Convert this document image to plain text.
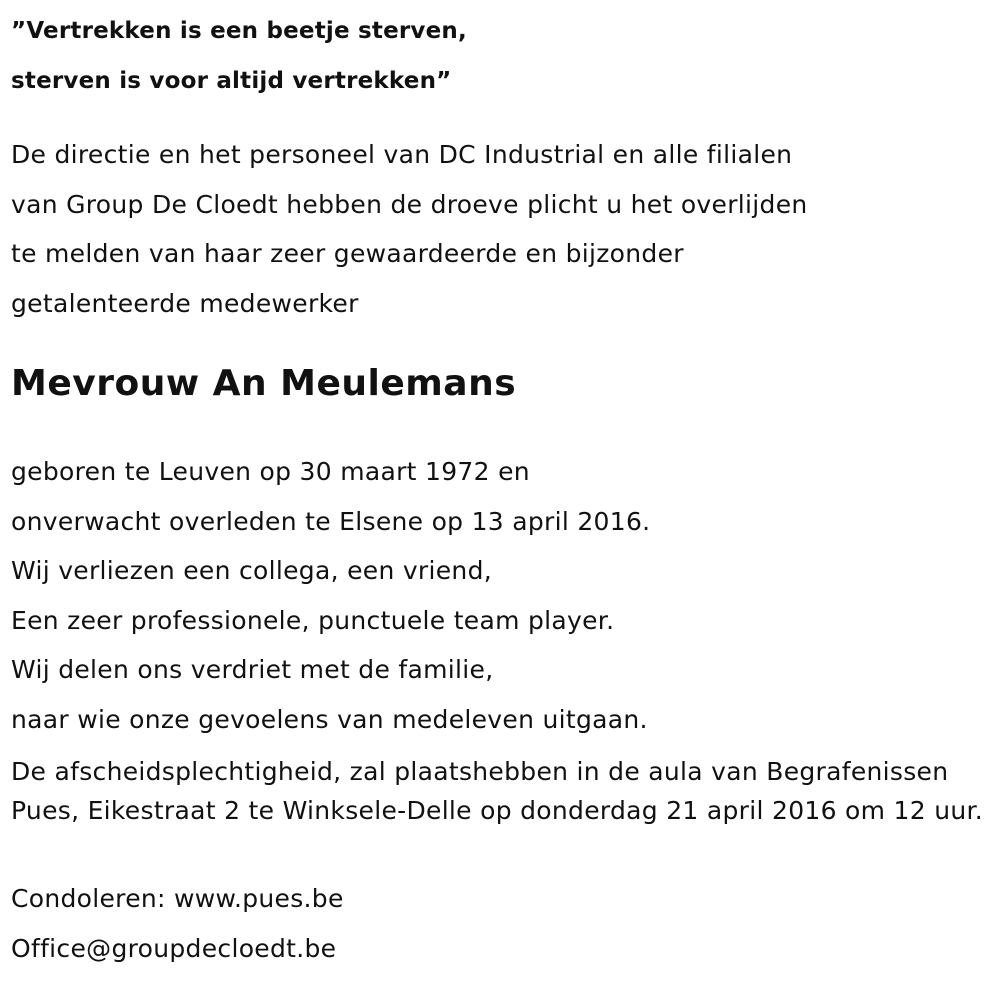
”Vertrekken is een beetje sterven,
sterven is voor altijd vertrekken”

De directie en het personeel van DC Industrial en alle filialen
van Group De Cloedt hebben de droeve plicht u het overlijden
te melden van haar zeer gewaardeerde en bijzonder
getalenteerde medewerker

Mevrouw An Meulemans

geboren te Leuven op 30 maart 1972 en
onverwacht overleden te Elsene op 13 april 2016.
Wij verliezen een collega, een vriend,
Een zeer professionele, punctuele team player.
Wij delen ons verdriet met de familie,
naar wie onze gevoelens van medeleven uitgaan.

De afscheidsplechtigheid, zal plaatshebben in de aula van Begrafenissen Pues, Eikestraat 2 te Winksele-Delle op donderdag 21 april 2016 om 12 uur.

Condoleren: www.pues.be
Office@groupdecloedt.be
